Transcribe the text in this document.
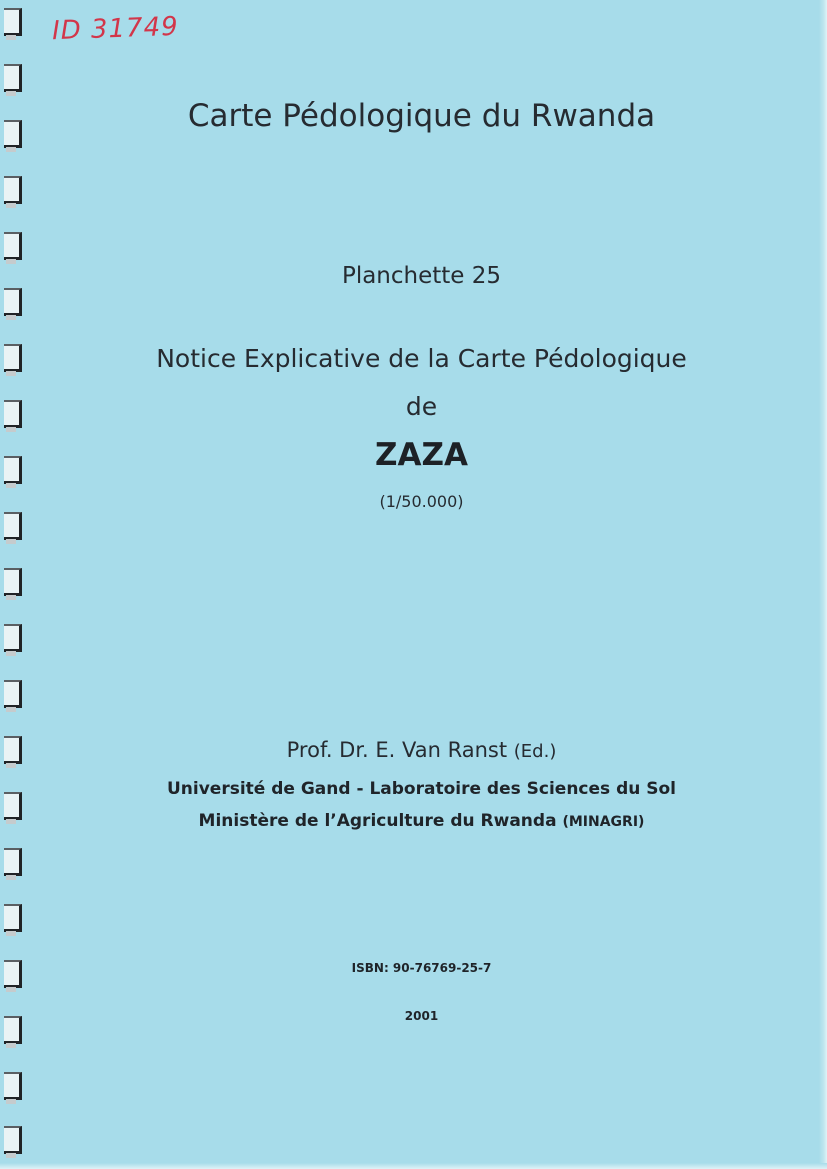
ID 31749

Carte Pédologique du Rwanda

Planchette 25

Notice Explicative de la Carte Pédologique

de

ZAZA

(1/50.000)

Prof. Dr. E. Van Ranst (Ed.)

Université de Gand - Laboratoire des Sciences du Sol

Ministère de l’Agriculture du Rwanda (MINAGRI)

ISBN: 90-76769-25-7

2001
